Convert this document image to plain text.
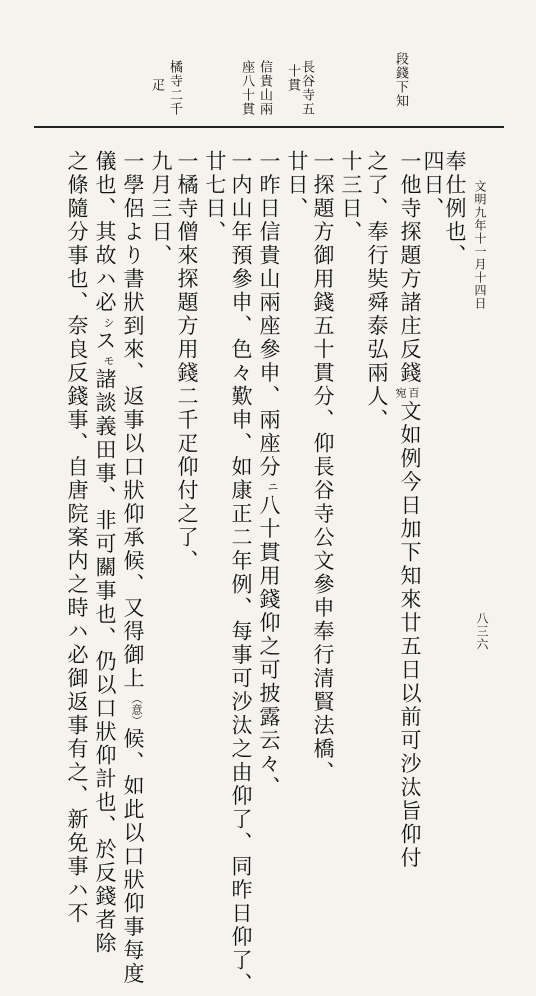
文明九年十一月十四日
八三六
段錢下知
長谷寺五
十貫
信貴山兩
座八十貫
橘寺二千
疋
奉仕例也、
四日、
一他寺探題方諸庄反錢
百
宛
文如例今日加下知來廿五日以前可沙汰旨仰付
之了、奉行奘舜泰弘兩人、
十三日、
一探題方御用錢五十貫分、仰長谷寺公文參申奉行清賢法橋、
廿日、
一昨日信貴山兩座參申、兩座分
ニ
八十貫用錢仰之可披露云々、
一内山年預參申、色々歎申、如康正二年例、每事可沙汰之由仰了、同昨日仰了、
廿七日、
一橘寺僧來探題方用錢二千疋仰付之了、
九月三日、
一學侶より書狀到來、返事以口狀仰承候、又得御上
（意）
候、如此以口狀仰事每度
儀也、其故ハ必
シ
ス
モ
諸談義田事、非可關事也、仍以口狀仰計也、於反錢者除
之條隨分事也、奈良反錢事、自唐院案内之時ハ必御返事有之、新免事ハ不
